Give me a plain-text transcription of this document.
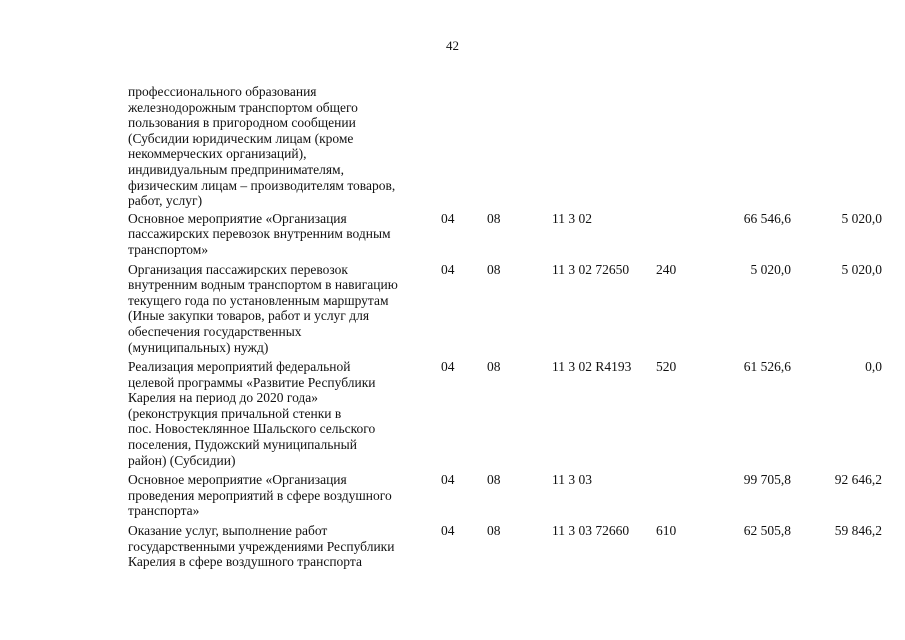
42
профессионального образования
железнодорожным транспортом общего
пользования в пригородном сообщении
(Субсидии юридическим лицам (кроме
некоммерческих организаций),
индивидуальным предпринимателям,
физическим лицам – производителям товаров,
работ, услуг)
Основное мероприятие «Организация
пассажирских перевозок внутренним водным
транспортом»
04 08	11 3 02	66 546,6	5 020,0
Организация пассажирских перевозок
внутренним водным транспортом в навигацию
текущего года по установленным маршрутам
(Иные закупки товаров, работ и услуг для
обеспечения государственных
(муниципальных) нужд)
04 08	11 3 02 72650 240	5 020,0	5 020,0
Реализация мероприятий федеральной
целевой программы «Развитие Республики
Карелия на период до 2020 года»
(реконструкция причальной стенки в
пос. Новостеклянное Шальского сельского
поселения, Пудожский муниципальный
район) (Субсидии)
04 08	11 3 02 R4193 520	61 526,6	0,0
Основное мероприятие «Организация
проведения мероприятий в сфере воздушного
транспорта»
04 08	11 3 03	99 705,8	92 646,2
Оказание услуг, выполнение работ
государственными учреждениями Республики
Карелия в сфере воздушного транспорта
04 08	11 3 03 72660 610	62 505,8	59 846,2
